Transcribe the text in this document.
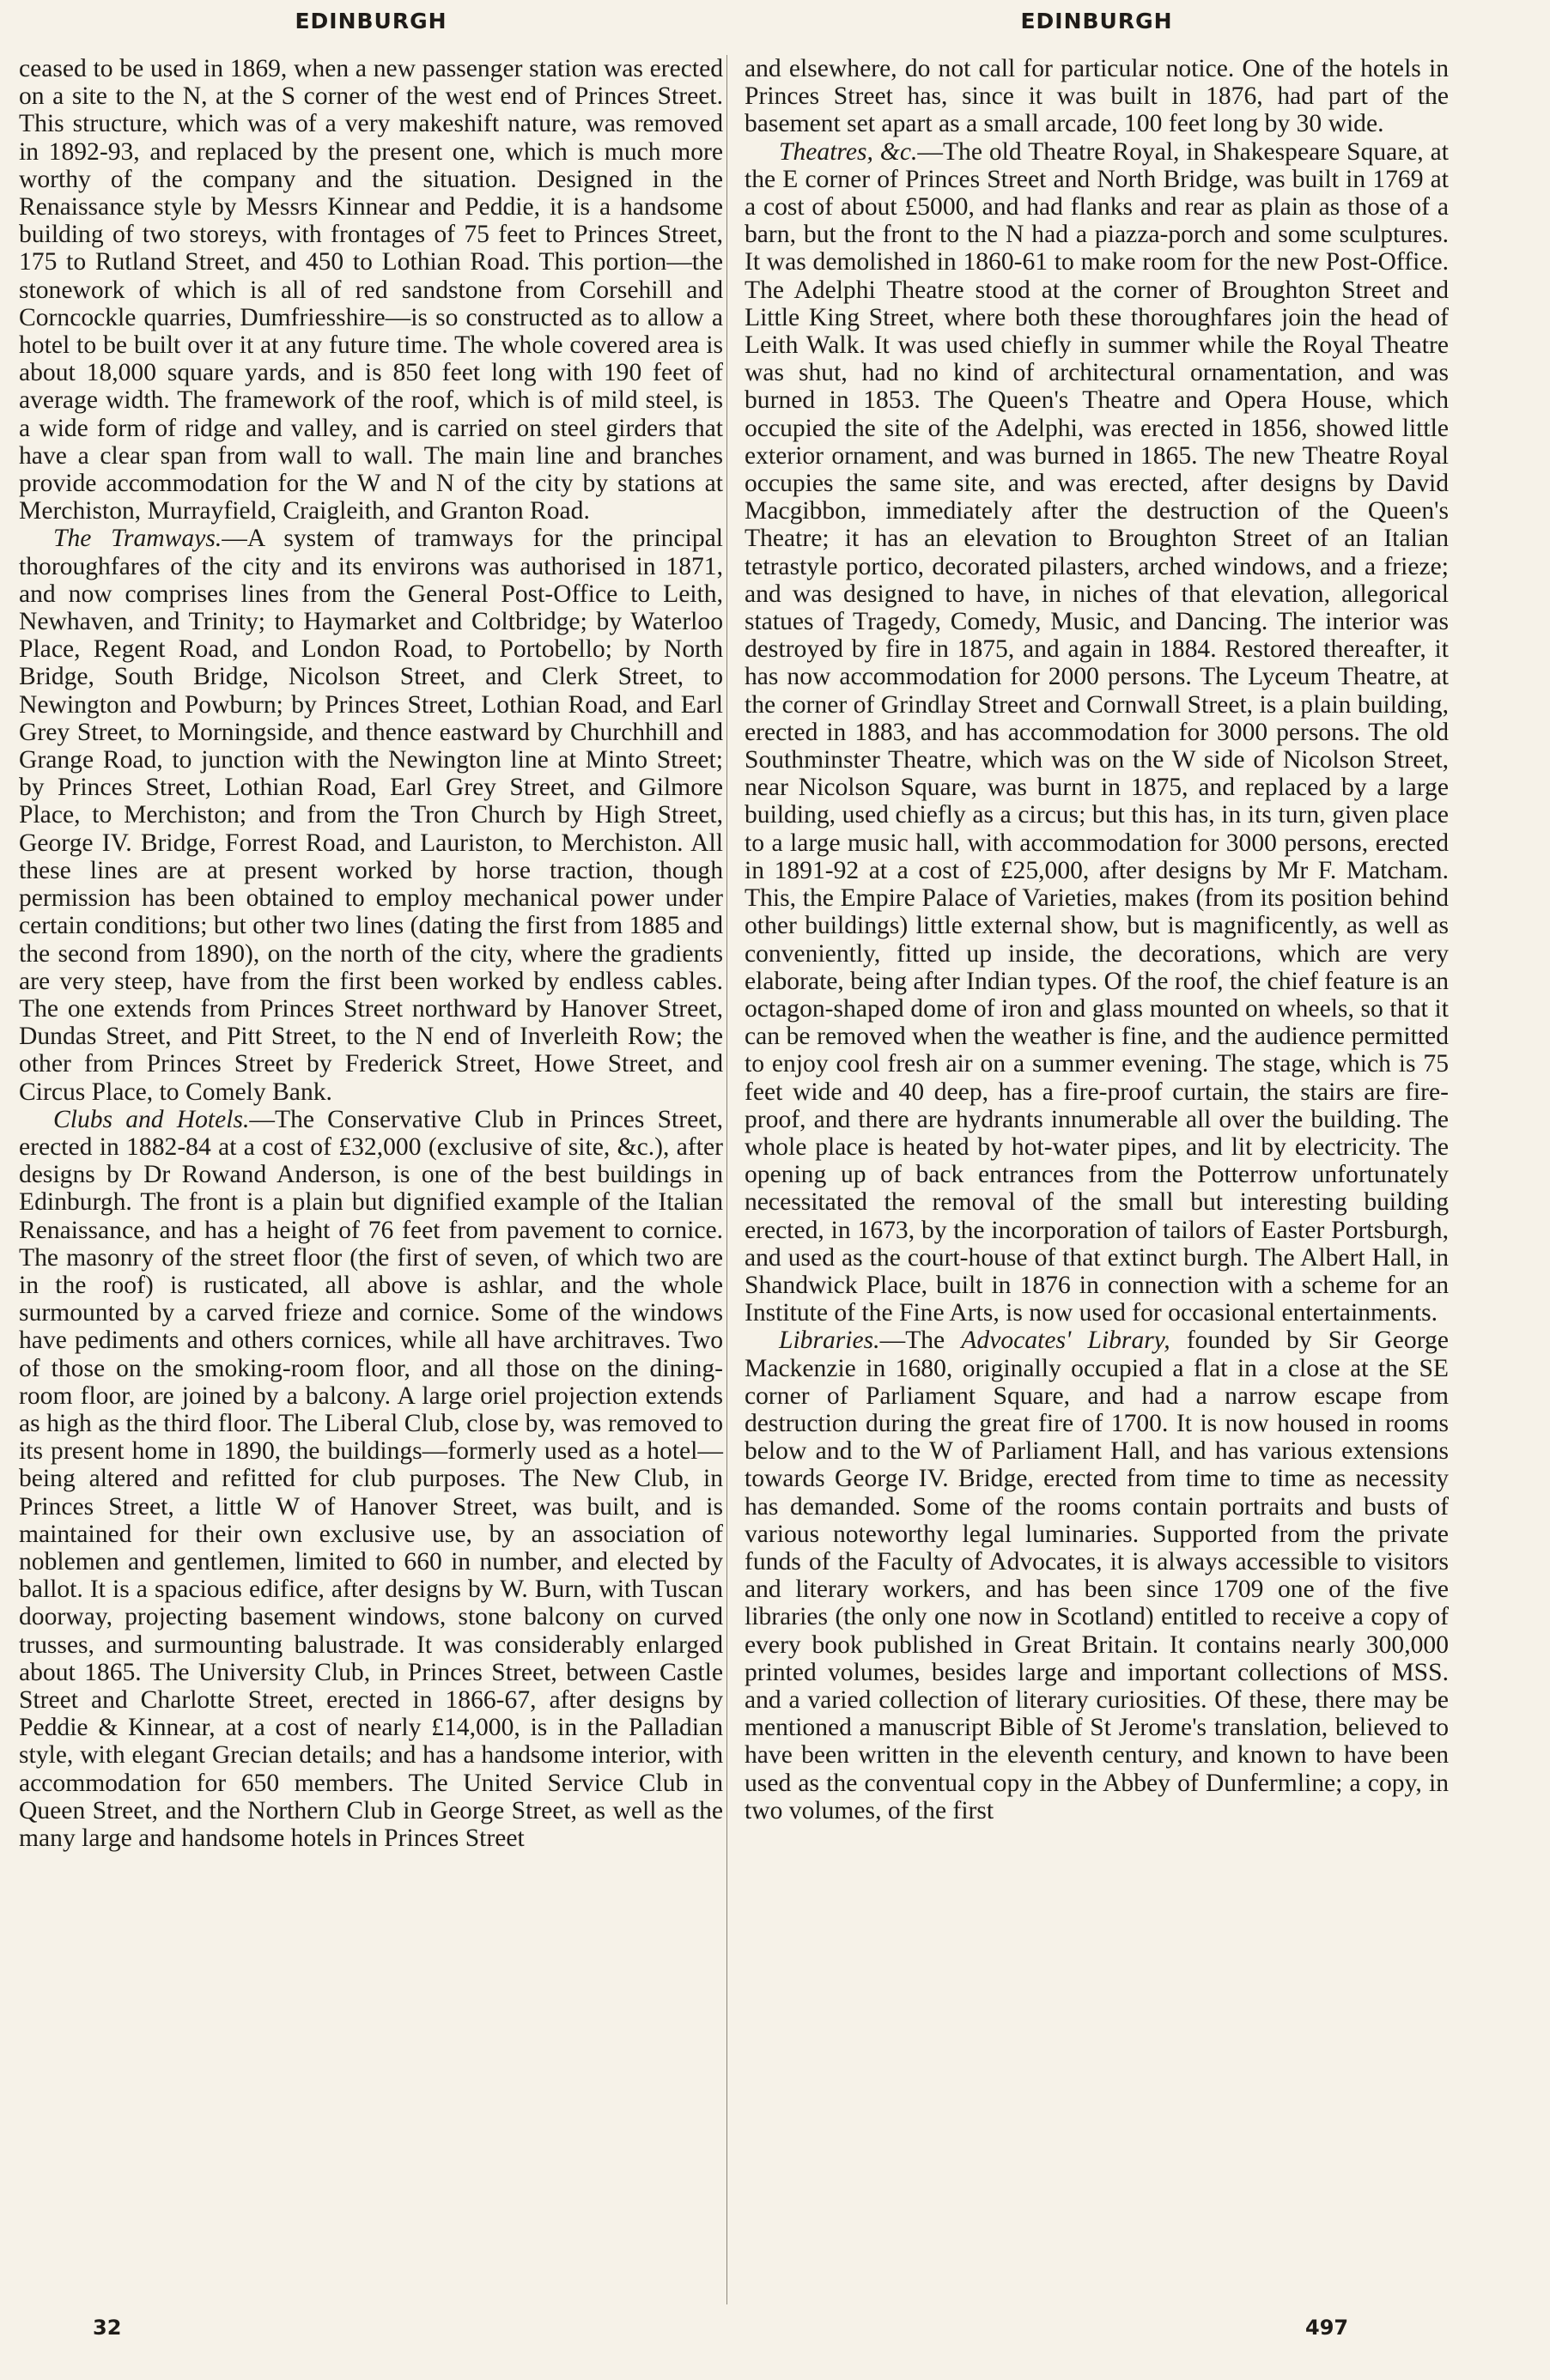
EDINBURGH	EDINBURGH

ceased to be used in 1869, when a new passenger station was erected on a site to the N, at the S corner of the west end of Princes Street. This structure, which was of a very makeshift nature, was removed in 1892-93, and replaced by the present one, which is much more worthy of the company and the situation. Designed in the Renaissance style by Messrs Kinnear and Peddie, it is a handsome building of two storeys, with frontages of 75 feet to Princes Street, 175 to Rutland Street, and 450 to Lothian Road. This portion—the stonework of which is all of red sandstone from Corsehill and Corncockle quarries, Dumfriesshire—is so constructed as to allow a hotel to be built over it at any future time. The whole covered area is about 18,000 square yards, and is 850 feet long with 190 feet of average width. The framework of the roof, which is of mild steel, is a wide form of ridge and valley, and is carried on steel girders that have a clear span from wall to wall. The main line and branches provide accommodation for the W and N of the city by stations at Merchiston, Murrayfield, Craigleith, and Granton Road.

The Tramways.—A system of tramways for the principal thoroughfares of the city and its environs was authorised in 1871, and now comprises lines from the General Post-Office to Leith, Newhaven, and Trinity; to Haymarket and Coltbridge; by Waterloo Place, Regent Road, and London Road, to Portobello; by North Bridge, South Bridge, Nicolson Street, and Clerk Street, to Newington and Powburn; by Princes Street, Lothian Road, and Earl Grey Street, to Morningside, and thence eastward by Churchhill and Grange Road, to junction with the Newington line at Minto Street; by Princes Street, Lothian Road, Earl Grey Street, and Gilmore Place, to Merchiston; and from the Tron Church by High Street, George IV. Bridge, Forrest Road, and Lauriston, to Merchiston. All these lines are at present worked by horse traction, though permission has been obtained to employ mechanical power under certain conditions; but other two lines (dating the first from 1885 and the second from 1890), on the north of the city, where the gradients are very steep, have from the first been worked by endless cables. The one extends from Princes Street northward by Hanover Street, Dundas Street, and Pitt Street, to the N end of Inverleith Row; the other from Princes Street by Frederick Street, Howe Street, and Circus Place, to Comely Bank.

Clubs and Hotels.—The Conservative Club in Princes Street, erected in 1882-84 at a cost of £32,000 (exclusive of site, &c.), after designs by Dr Rowand Anderson, is one of the best buildings in Edinburgh. The front is a plain but dignified example of the Italian Renaissance, and has a height of 76 feet from pavement to cornice. The masonry of the street floor (the first of seven, of which two are in the roof) is rusticated, all above is ashlar, and the whole surmounted by a carved frieze and cornice. Some of the windows have pediments and others cornices, while all have architraves. Two of those on the smoking-room floor, and all those on the dining-room floor, are joined by a balcony. A large oriel projection extends as high as the third floor. The Liberal Club, close by, was removed to its present home in 1890, the buildings—formerly used as a hotel—being altered and refitted for club purposes. The New Club, in Princes Street, a little W of Hanover Street, was built, and is maintained for their own exclusive use, by an association of noblemen and gentlemen, limited to 660 in number, and elected by ballot. It is a spacious edifice, after designs by W. Burn, with Tuscan doorway, projecting basement windows, stone balcony on curved trusses, and surmounting balustrade. It was considerably enlarged about 1865. The University Club, in Princes Street, between Castle Street and Charlotte Street, erected in 1866-67, after designs by Peddie & Kinnear, at a cost of nearly £14,000, is in the Palladian style, with elegant Grecian details; and has a handsome interior, with accommodation for 650 members. The United Service Club in Queen Street, and the Northern Club in George Street, as well as the many large and handsome hotels in Princes Street

and elsewhere, do not call for particular notice. One of the hotels in Princes Street has, since it was built in 1876, had part of the basement set apart as a small arcade, 100 feet long by 30 wide.

Theatres, &c.—The old Theatre Royal, in Shakespeare Square, at the E corner of Princes Street and North Bridge, was built in 1769 at a cost of about £5000, and had flanks and rear as plain as those of a barn, but the front to the N had a piazza-porch and some sculptures. It was demolished in 1860-61 to make room for the new Post-Office. The Adelphi Theatre stood at the corner of Broughton Street and Little King Street, where both these thoroughfares join the head of Leith Walk. It was used chiefly in summer while the Royal Theatre was shut, had no kind of architectural ornamentation, and was burned in 1853. The Queen's Theatre and Opera House, which occupied the site of the Adelphi, was erected in 1856, showed little exterior ornament, and was burned in 1865. The new Theatre Royal occupies the same site, and was erected, after designs by David Macgibbon, immediately after the destruction of the Queen's Theatre; it has an elevation to Broughton Street of an Italian tetrastyle portico, decorated pilasters, arched windows, and a frieze; and was designed to have, in niches of that elevation, allegorical statues of Tragedy, Comedy, Music, and Dancing. The interior was destroyed by fire in 1875, and again in 1884. Restored thereafter, it has now accommodation for 2000 persons. The Lyceum Theatre, at the corner of Grindlay Street and Cornwall Street, is a plain building, erected in 1883, and has accommodation for 3000 persons. The old Southminster Theatre, which was on the W side of Nicolson Street, near Nicolson Square, was burnt in 1875, and replaced by a large building, used chiefly as a circus; but this has, in its turn, given place to a large music hall, with accommodation for 3000 persons, erected in 1891-92 at a cost of £25,000, after designs by Mr F. Matcham. This, the Empire Palace of Varieties, makes (from its position behind other buildings) little external show, but is magnificently, as well as conveniently, fitted up inside, the decorations, which are very elaborate, being after Indian types. Of the roof, the chief feature is an octagon-shaped dome of iron and glass mounted on wheels, so that it can be removed when the weather is fine, and the audience permitted to enjoy cool fresh air on a summer evening. The stage, which is 75 feet wide and 40 deep, has a fire-proof curtain, the stairs are fire-proof, and there are hydrants innumerable all over the building. The whole place is heated by hot-water pipes, and lit by electricity. The opening up of back entrances from the Potterrow unfortunately necessitated the removal of the small but interesting building erected, in 1673, by the incorporation of tailors of Easter Portsburgh, and used as the court-house of that extinct burgh. The Albert Hall, in Shandwick Place, built in 1876 in connection with a scheme for an Institute of the Fine Arts, is now used for occasional entertainments.

Libraries.—The Advocates' Library, founded by Sir George Mackenzie in 1680, originally occupied a flat in a close at the SE corner of Parliament Square, and had a narrow escape from destruction during the great fire of 1700. It is now housed in rooms below and to the W of Parliament Hall, and has various extensions towards George IV. Bridge, erected from time to time as necessity has demanded. Some of the rooms contain portraits and busts of various noteworthy legal luminaries. Supported from the private funds of the Faculty of Advocates, it is always accessible to visitors and literary workers, and has been since 1709 one of the five libraries (the only one now in Scotland) entitled to receive a copy of every book published in Great Britain. It contains nearly 300,000 printed volumes, besides large and important collections of MSS. and a varied collection of literary curiosities. Of these, there may be mentioned a manuscript Bible of St Jerome's translation, believed to have been written in the eleventh century, and known to have been used as the conventual copy in the Abbey of Dunfermline; a copy, in two volumes, of the first

32	497
